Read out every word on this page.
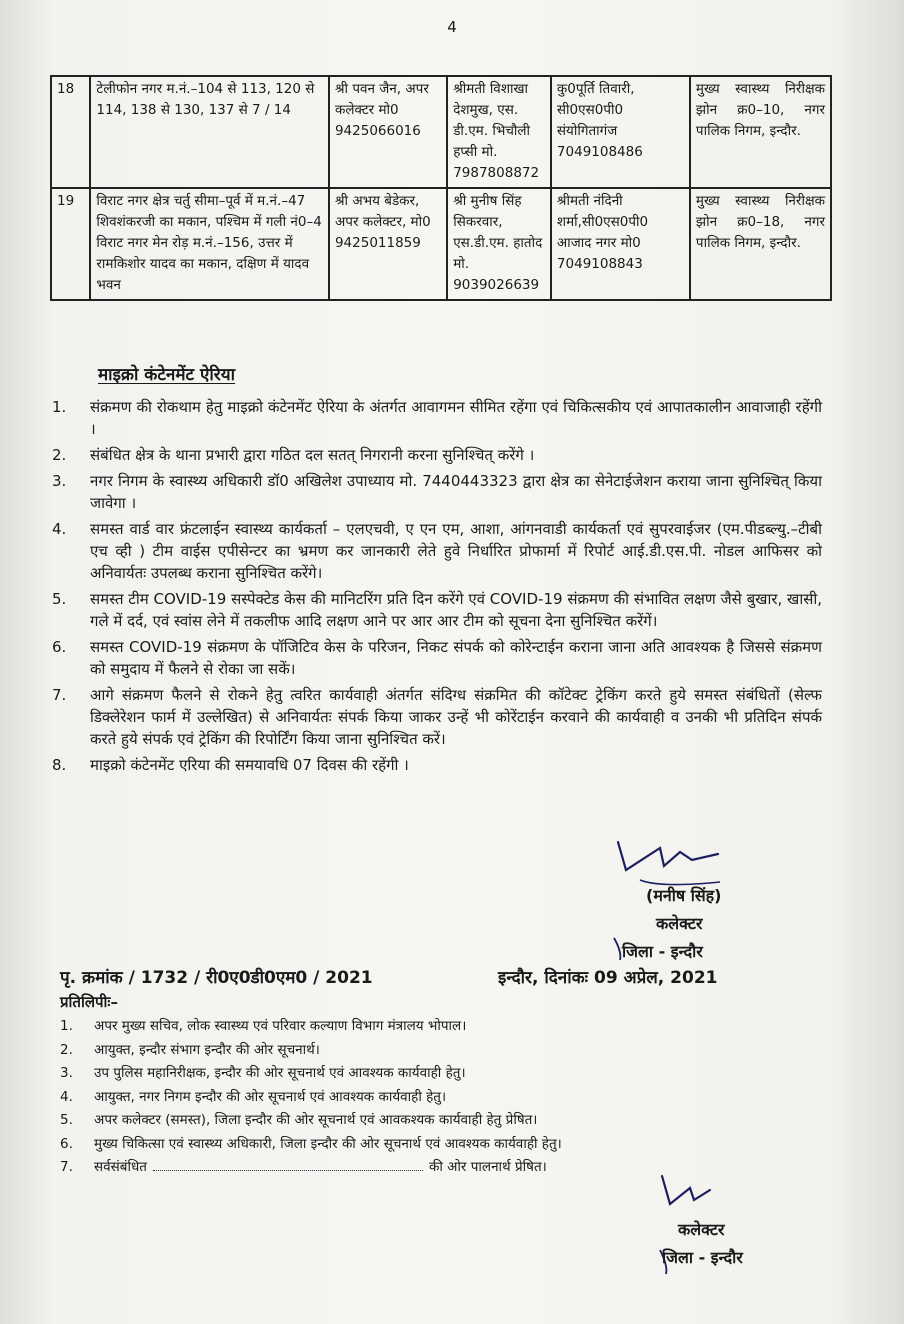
4
18	टेलीफोन नगर म.नं.–104 से 113, 120 से 114, 138 से 130, 137 से 7 / 14	श्री पवन जैन, अपर कलेक्टर मो0 9425066016	श्रीमती विशाखा देशमुख, एस. डी.एम. भिचौली हप्सी मो. 7987808872	कु0पूर्ति तिवारी, सी0एस0पी0 संयोगितागंज 7049108486	मुख्य स्वास्थ्य निरीक्षक झोन क्र0–10, नगर पालिक निगम, इन्दौर.
19	विराट नगर क्षेत्र चर्तु सीमा–पूर्व में म.नं.–47 शिवशंकरजी का मकान, पश्चिम में गली नं0–4 विराट नगर मेन रोड़ म.नं.–156, उत्तर में रामकिशोर यादव का मकान, दक्षिण में यादव भवन	श्री अभय बेडेकर, अपर कलेक्टर, मो0 9425011859	श्री मुनीष सिंह सिकरवार, एस.डी.एम. हातोद मो. 9039026639	श्रीमती नंदिनी शर्मा,सी0एस0पी0 आजाद नगर मो0 7049108843	मुख्य स्वास्थ्य निरीक्षक झोन क्र0–18, नगर पालिक निगम, इन्दौर.
माइक्रो कंटेनमेंट ऐरिया
1.	संक्रमण की रोकथाम हेतु माइक्रो कंटेनमेंट ऐरिया के अंतर्गत आवागमन सीमित रहेंगा एवं चिकित्सकीय एवं आपातकालीन आवाजाही रहेंगी ।
2.	संबंधित क्षेत्र के थाना प्रभारी द्वारा गठित दल सतत् निगरानी करना सुनिश्चित् करेंगे ।
3.	नगर निगम के स्वास्थ्य अधिकारी डॉ0 अखिलेश उपाध्याय मो. 7440443323 द्वारा क्षेत्र का सेनेटाईजेशन कराया जाना सुनिश्चित् किया जावेगा ।
4.	समस्त वार्ड वार फ्रंटलाईन स्वास्थ्य कार्यकर्ता – एलएचवी, ए एन एम, आशा, आंगनवाडी कार्यकर्ता एवं सुपरवाईजर (एम.पीडब्ल्यु.–टीबी एच व्ही ) टीम वाईस एपीसेन्टर का भ्रमण कर जानकारी लेते हुवे निर्धारित प्रोफार्मा में रिपोर्ट आई.डी.एस.पी. नोडल आफिसर को अनिवार्यतः उपलब्ध कराना सुनिश्चित करेंगे।
5.	समस्त टीम COVID-19 सस्पेक्टेड केस की मानिटरिंग प्रति दिन करेंगे एवं COVID-19 संक्रमण की संभावित लक्षण जैसे बुखार, खासी, गले में दर्द, एवं स्वांस लेने में तकलीफ आदि लक्षण आने पर आर आर टीम को सूचना देना सुनिश्चित करेंगें।
6.	समस्त COVID-19 संक्रमण के पॉजिटिव केस के परिजन, निकट संपर्क को कोरेन्टाईन कराना जाना अति आवश्यक है जिससे संक्रमण को समुदाय में फैलने से रोका जा सकें।
7.	आगे संक्रमण फैलने से रोकने हेतु त्वरित कार्यवाही अंतर्गत संदिग्ध संक्रमित की कॉटेक्ट ट्रेकिंग करते हुये समस्त संबंधितों (सेल्फ डिक्लेरेशन फार्म में उल्लेखित) से अनिवार्यतः संपर्क किया जाकर उन्हें भी कोरेंटाईन करवाने की कार्यवाही व उनकी भी प्रतिदिन संपर्क करते हुये संपर्क एवं ट्रेकिंग की रिपोर्टिंग किया जाना सुनिश्चित करें।
8.	माइक्रो कंटेनमेंट एरिया की समयावधि 07 दिवस की रहेंगी ।
(मनीष सिंह)
कलेक्टर
जिला - इन्दौर
पृ. क्रमांक / 1732 / री0ए0डी0एम0 / 2021	इन्दौर, दिनांकः 09 अप्रेल, 2021
प्रतिलिपीः–
1.	अपर मुख्य सचिव, लोक स्वास्थ्य एवं परिवार कल्याण विभाग मंत्रालय भोपाल।
2.	आयुक्त, इन्दौर संभाग इन्दौर की ओर सूचनार्थ।
3.	उप पुलिस महानिरीक्षक, इन्दौर की ओर सूचनार्थ एवं आवश्यक कार्यवाही हेतु।
4.	आयुक्त, नगर निगम इन्दौर की ओर सूचनार्थ एवं आवश्यक कार्यवाही हेतु।
5.	अपर कलेक्टर (समस्त), जिला इन्दौर की ओर सूचनार्थ एवं आवकश्यक कार्यवाही हेतु प्रेषित।
6.	मुख्य चिकित्सा एवं स्वास्थ्य अधिकारी, जिला इन्दौर की ओर सूचनार्थ एवं आवश्यक कार्यवाही हेतु।
7.	सर्वसंबंधित	की ओर पालनार्थ प्रेषित।
कलेक्टर
जिला - इन्दौर
